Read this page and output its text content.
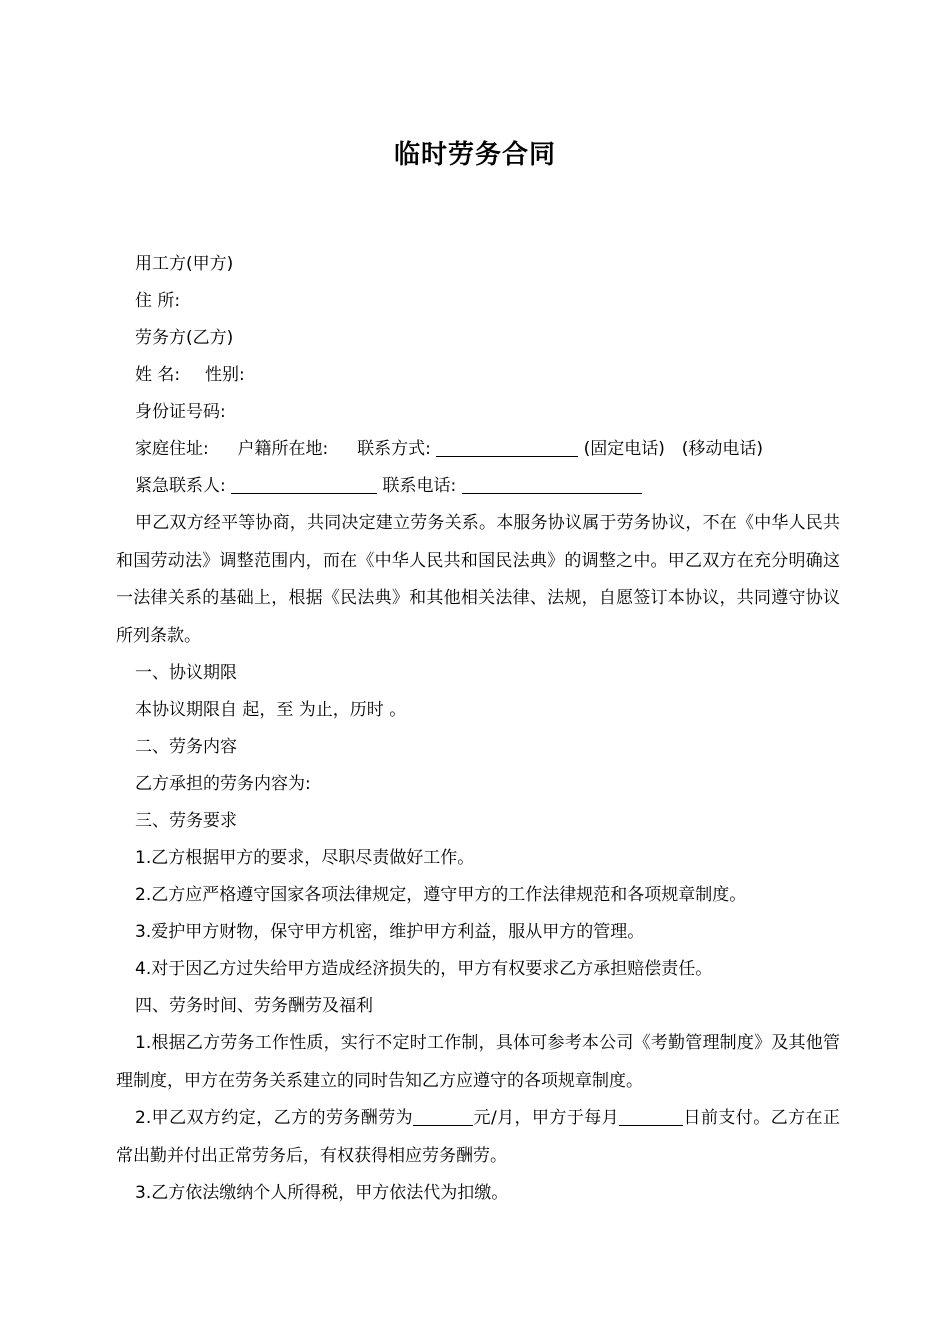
临时劳务合同
用工方(甲方)
住 所:
劳务方(乙方)
姓 名: 性别:
身份证号码:
家庭住址: 户籍所在地: 联系方式:	(固定电话) (移动电话)
紧急联系人:	联系电话:

甲乙双方经平等协商，共同决定建立劳务关系。本服务协议属于劳务协议，不在《中华人民共和国劳动法》调整范围内，而在《中华人民共和国民法典》的调整之中。甲乙双方在充分明确这一法律关系的基础上，根据《民法典》和其他相关法律、法规，自愿签订本协议，共同遵守协议所列条款。

一、协议期限
本协议期限自 起，至 为止，历时 。
二、劳务内容
乙方承担的劳务内容为:
三、劳务要求
1.乙方根据甲方的要求，尽职尽责做好工作。
2.乙方应严格遵守国家各项法律规定，遵守甲方的工作法律规范和各项规章制度。
3.爱护甲方财物，保守甲方机密，维护甲方利益，服从甲方的管理。
4.对于因乙方过失给甲方造成经济损失的，甲方有权要求乙方承担赔偿责任。
四、劳务时间、劳务酬劳及福利

1.根据乙方劳务工作性质，实行不定时工作制，具体可参考本公司《考勤管理制度》及其他管理制度，甲方在劳务关系建立的同时告知乙方应遵守的各项规章制度。

2.甲乙双方约定，乙方的劳务酬劳为	元/月，甲方于每月	日前支付。乙方在正常出勤并付出正常劳务后，有权获得相应劳务酬劳。

3.乙方依法缴纳个人所得税，甲方依法代为扣缴。
